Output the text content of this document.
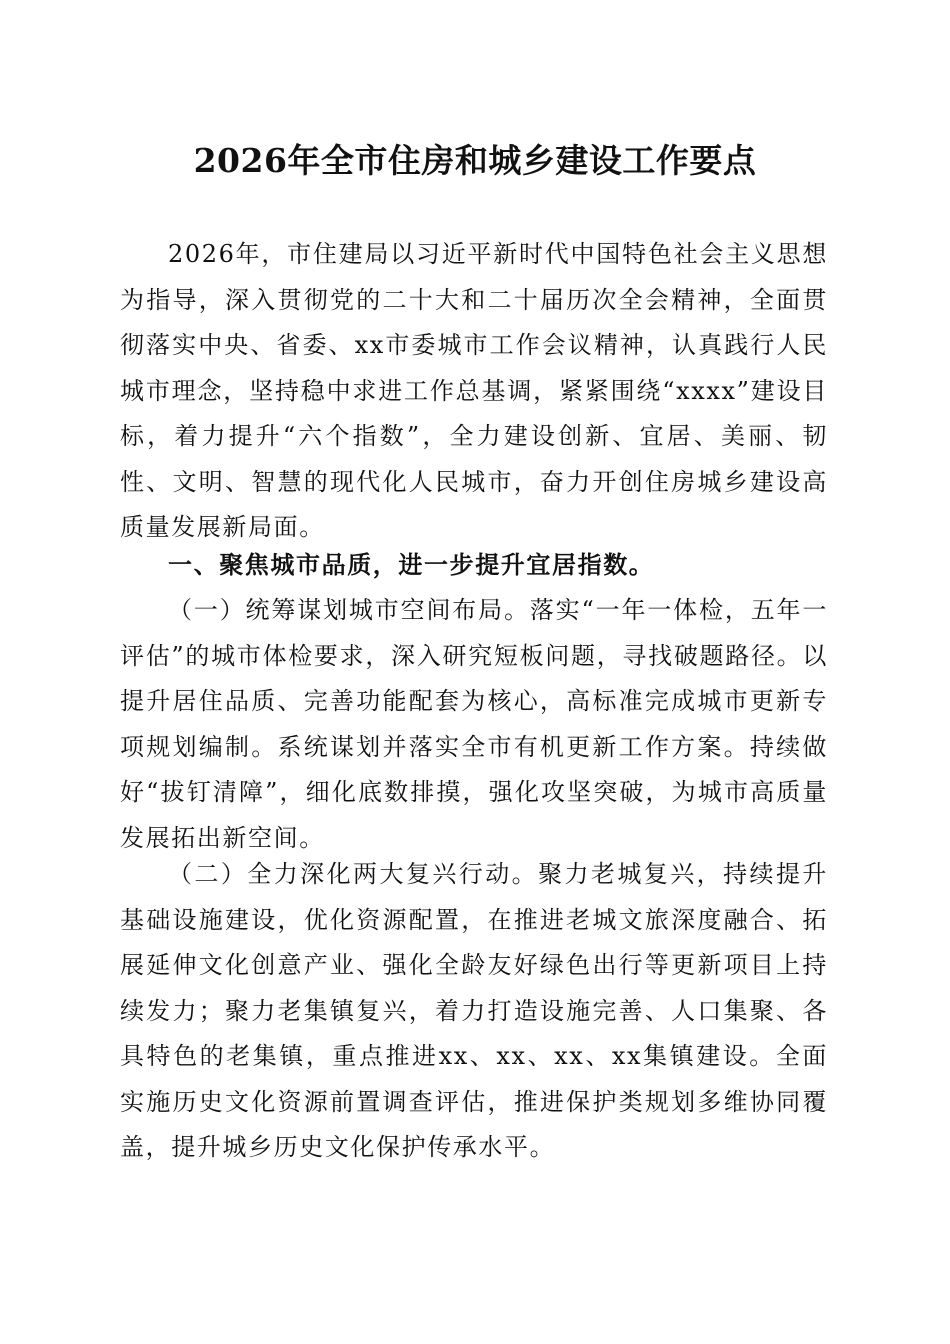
2026年全市住房和城乡建设工作要点

2026年，市住建局以习近平新时代中国特色社会主义思想为指导，深入贯彻党的二十大和二十届历次全会精神，全面贯彻落实中央、省委、xx市委城市工作会议精神，认真践行人民城市理念，坚持稳中求进工作总基调，紧紧围绕“xxxx”建设目标，着力提升“六个指数”，全力建设创新、宜居、美丽、韧性、文明、智慧的现代化人民城市，奋力开创住房城乡建设高质量发展新局面。

一、聚焦城市品质，进一步提升宜居指数。

（一）统筹谋划城市空间布局。落实“一年一体检，五年一评估”的城市体检要求，深入研究短板问题，寻找破题路径。以提升居住品质、完善功能配套为核心，高标准完成城市更新专项规划编制。系统谋划并落实全市有机更新工作方案。持续做好“拔钉清障”，细化底数排摸，强化攻坚突破，为城市高质量发展拓出新空间。

（二）全力深化两大复兴行动。聚力老城复兴，持续提升基础设施建设，优化资源配置，在推进老城文旅深度融合、拓展延伸文化创意产业、强化全龄友好绿色出行等更新项目上持续发力；聚力老集镇复兴，着力打造设施完善、人口集聚、各具特色的老集镇，重点推进xx、xx、xx、xx集镇建设。全面实施历史文化资源前置调查评估，推进保护类规划多维协同覆盖，提升城乡历史文化保护传承水平。
